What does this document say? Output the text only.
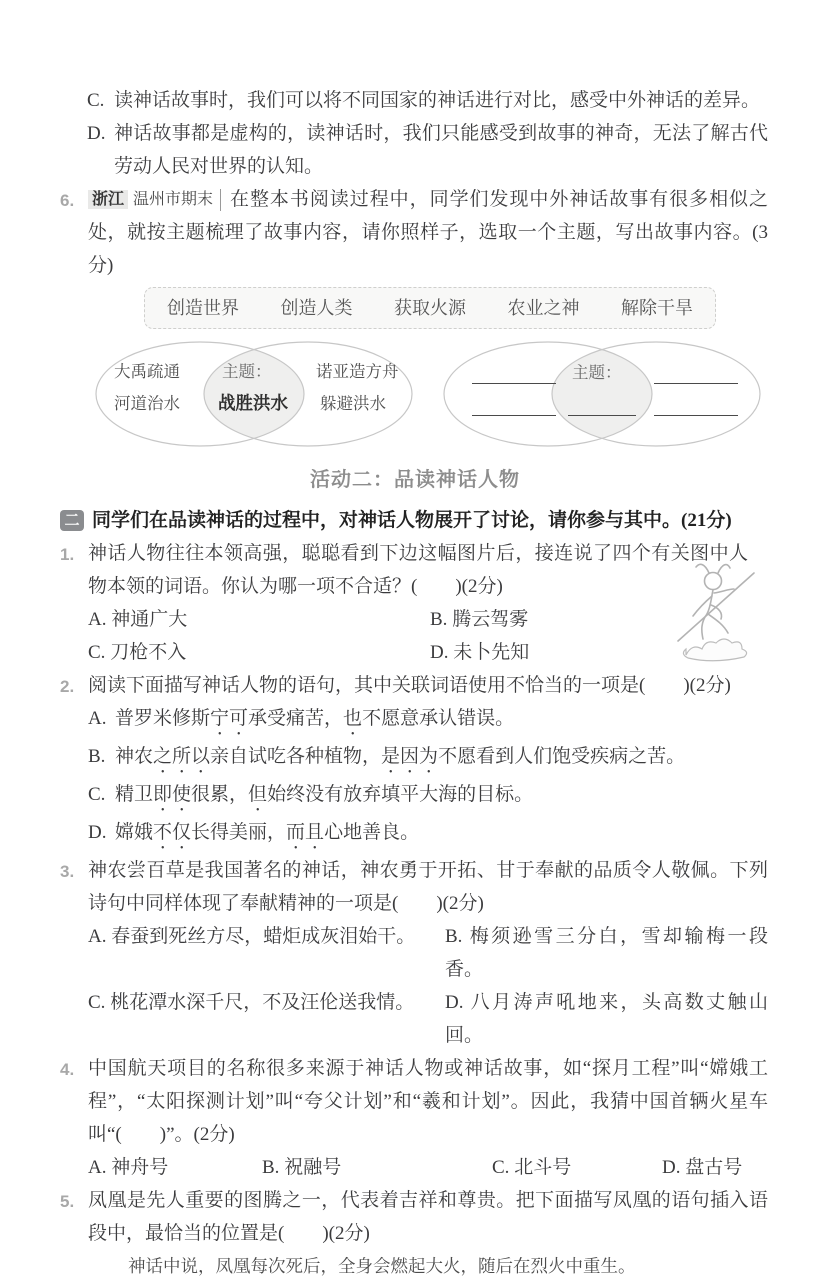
C. 读神话故事时，我们可以将不同国家的神话进行对比，感受中外神话的差异。
D. 神话故事都是虚构的，读神话时，我们只能感受到故事的神奇，无法了解古代劳动人民对世界的认知。
6. 浙江 温州市期末 在整本书阅读过程中，同学们发现中外神话故事有很多相似之处，就按主题梳理了故事内容，请你照样子，选取一个主题，写出故事内容。(3分)
创造世界 创造人类 获取火源 农业之神 解除干旱
大禹疏通
河道治水
主题：
战胜洪水
诺亚造方舟
躲避洪水
主题：
活动二：品读神话人物
二 同学们在品读神话的过程中，对神话人物展开了讨论，请你参与其中。(21分)
1. 神话人物往往本领高强，聪聪看到下边这幅图片后，接连说了四个有关图中人物本领的词语。你认为哪一项不合适？(　　)(2分)
A. 神通广大	B. 腾云驾雾
C. 刀枪不入	D. 未卜先知
2. 阅读下面描写神话人物的语句，其中关联词语使用不恰当的一项是(　　)(2分)
A. 普罗米修斯宁可承受痛苦，也不愿意承认错误。
B. 神农之所以亲自试吃各种植物，是因为不愿看到人们饱受疾病之苦。
C. 精卫即使很累，但始终没有放弃填平大海的目标。
D. 嫦娥不仅长得美丽，而且心地善良。
3. 神农尝百草是我国著名的神话，神农勇于开拓、甘于奉献的品质令人敬佩。下列诗句中同样体现了奉献精神的一项是(　　)(2分)
A. 春蚕到死丝方尽，蜡炬成灰泪始干。	B. 梅须逊雪三分白，雪却输梅一段香。
C. 桃花潭水深千尺，不及汪伦送我情。	D. 八月涛声吼地来，头高数丈触山回。
4. 中国航天项目的名称很多来源于神话人物或神话故事，如“探月工程”叫“嫦娥工程”，“太阳探测计划”叫“夸父计划”和“羲和计划”。因此，我猜中国首辆火星车叫“(　　)”。(2分)
A. 神舟号	B. 祝融号	C. 北斗号	D. 盘古号
5. 凤凰是先人重要的图腾之一，代表着吉祥和尊贵。把下面描写凤凰的语句插入语段中，最恰当的位置是(　　)(2分)
神话中说，凤凰每次死后，全身会燃起大火，随后在烈火中重生。
